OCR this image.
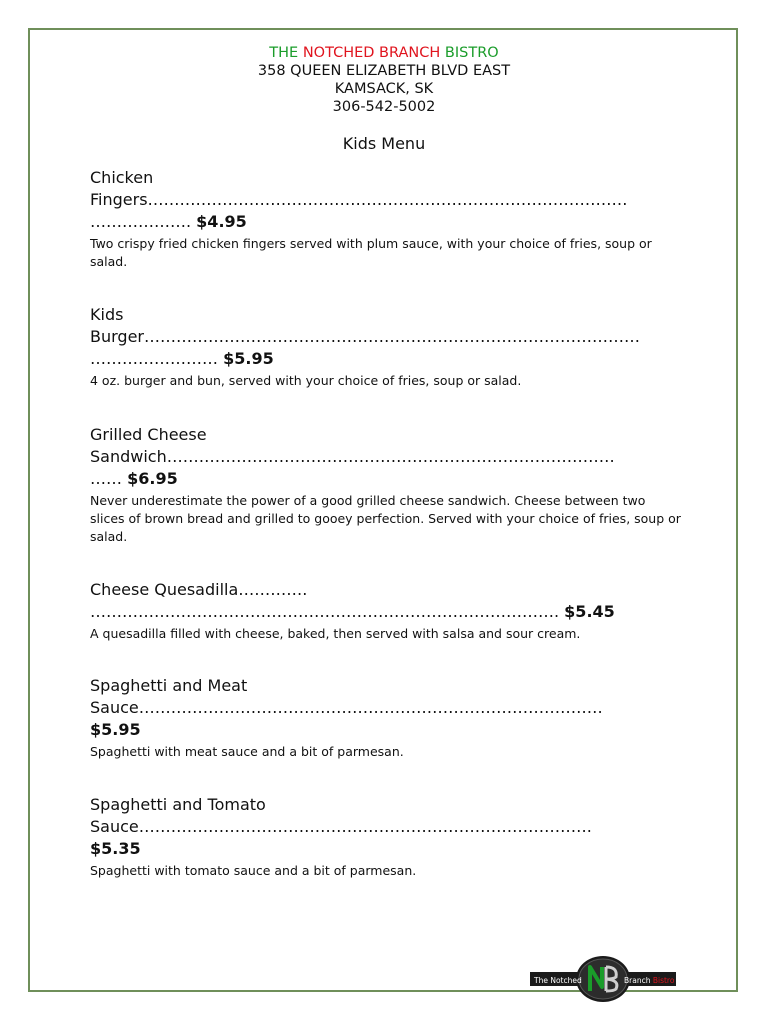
THE NOTCHED BRANCH BISTRO
358 QUEEN ELIZABETH BLVD EAST
KAMSACK, SK
306-542-5002
Kids Menu
Chicken
Fingers………………………………………………………………………………
………………. $4.95
Two crispy fried chicken fingers served with plum sauce, with your choice of fries, soup or salad.
Kids
Burger…………………………………………………………………………………
…………………… $5.95
4 oz. burger and bun, served with your choice of fries, soup or salad.
Grilled Cheese
Sandwich…………………………………………………………………………
…… $6.95
Never underestimate the power of a good grilled cheese sandwich. Cheese between two slices of brown bread and grilled to gooey perfection. Served with your choice of fries, soup or salad.
Cheese Quesadilla………….
……………………………………………………………………………. $5.45
A quesadilla filled with cheese, baked, then served with salsa and sour cream.
Spaghetti and Meat
Sauce……………………………………………………………………………
$5.95
Spaghetti with meat sauce and a bit of parmesan.
Spaghetti and Tomato
Sauce………………………………………………………………………….
$5.35
Spaghetti with tomato sauce and a bit of parmesan.
The Notched	Branch Bistro
